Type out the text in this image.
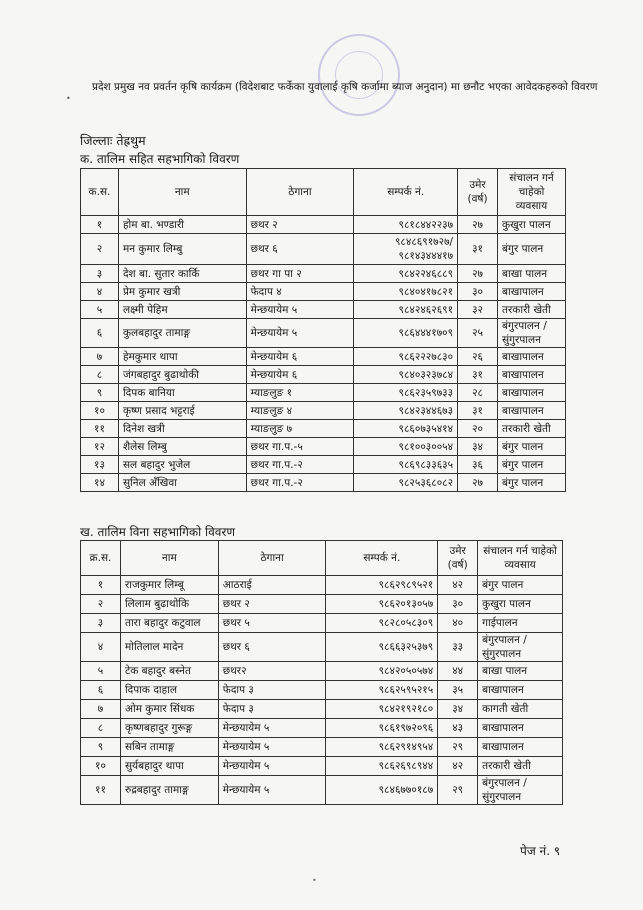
प्रदेश प्रमुख नव प्रवर्तन कृषि कार्यक्रम (विदेशबाट फर्केका युवालाई कृषि कर्जामा ब्याज अनुदान) मा छनौट भएका आवेदकहरुको विवरण
•
जिल्लाः तेह्रथुम
क. तालिम सहित सहभागिको विवरण
क.स.	नाम	ठेगाना	सम्पर्क नं.	उमेर (वर्ष)	संचालन गर्न चाहेको व्यवसाय
१	होम बा. भण्डारी	छथर २	९८१८४४२२३७	२७	कुखुरा पालन
२	मन कुमार लिम्बु	छथर ६	९८४८६९१७२७/ ९८१४३४४४१७	३१	बंगुर पालन
३	देश बा. सुतार कार्कि	छथर गा पा २	९८४२२४६८८९	२७	बाखा पालन
४	प्रेम कुमार खत्री	फेदाप ४	९८४०४१७८२१	३०	बाखापालन
५	लक्ष्मी पेहिम	मेन्छयायेम ५	९८४२४६२६९१	३२	तरकारी खेती
६	कुलबहादुर तामाङ्ग	मेन्छयायेम ५	९८६४४४१७०९	२५	बंगुरपालन / सुंगुरपालन
७	हेमकुमार थापा	मेन्छयायेम ६	९८६२२२७८३०	२६	बाखापालन
८	जंगबहादुर बुढाथोकी	मेन्छयायेम ६	९८४०३२३७८४	३१	बाखापालन
९	दिपक बानिया	म्याङलुङ १	९८६२३५९७३३	२८	बाखापालन
१०	कृष्ण प्रसाद भट्टराई	म्याङलुङ ४	९८४२३४४६७३	३१	बाखापालन
११	दिनेश खत्री	म्याङलुङ ७	९८६०७३५४१४	२०	तरकारी खेती
१२	शैलेस लिम्बु	छथर गा.प.-५	९८१००३००५४	३४	बंगुर पालन
१३	सल बहादुर भुजेल	छथर गा.प.-२	९८६९८३३६३५	३६	बंगुर पालन
१४	सुनिल अँखिवा	छथर गा.प.-२	९८२५३६८०८२	२७	बंगुर पालन
ख. तालिम विना सहभागिको विवरण
क्र.स.	नाम	ठेगाना	सम्पर्क नं.	उमेर (वर्ष)	संचालन गर्न चाहेको व्यवसाय
१	राजकुमार लिम्बू	आठराई	९८६२९८९५२१	४२	बंगुर पालन
२	लिलाम बुढाथोकि	छथर २	९८६२०१३०५७	३०	कुखुरा पालन
३	तारा बहादुर कटुवाल	छथर ५	९८२८०५८३०९	४०	गाईपालन
४	मोतिलाल मादेन	छथर ६	९८६६३२५३७९	३३	बंगुरपालन / सुंगुरपालन
५	टेक बहादुर बस्नेत	छथर२	९८४२०५०५७४	४४	बाखा पालन
६	दिपाक दाहाल	फेदाप ३	९८६२५९५२१५	३५	बाखापालन
७	ओम कुमार सिंधक	फेदाप ३	९८४२१९२१८०	३४	कागती खेती
८	कृष्णबहादुर गुरूङ्ग	मेन्छयायेम ५	९८६१९७२०९६	४३	बाखापालन
९	सबिन तामाङ्ग	मेन्छयायेम ५	९८६२९१४९५४	२९	बाखापालन
१०	सुर्यबहादुर थापा	मेन्छयायेम ५	९८६२६९८९४४	४२	तरकारी खेती
११	रुद्रबहादुर तामाङ्ग	मेन्छयायेम ५	९८४६७७०१८७	२९	बंगुरपालन / सुंगुरपालन
पेज नं. ९
•
